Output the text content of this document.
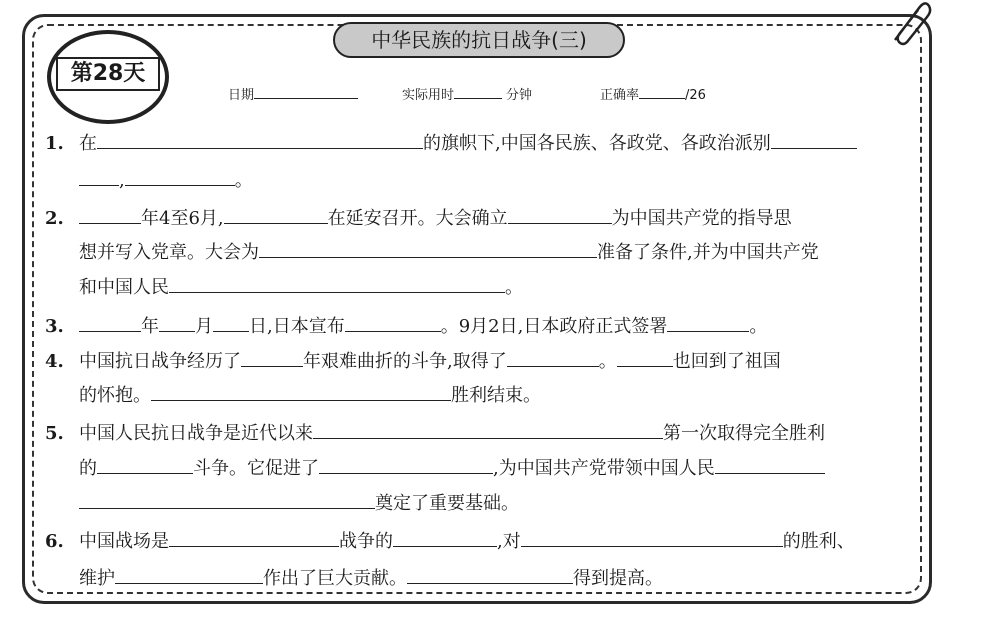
中华民族的抗日战争(三)
第28天
日期	实际用时	分钟	正确率	/26
1. 在	的旗帜下,中国各民族、各政党、各政治派别
,	。
2.	年4至6月,	在延安召开。大会确立	为中国共产党的指导思
想并写入党章。大会为	准备了条件,并为中国共产党
和中国人民	。
3.	年 月 日,日本宣布	。9月2日,日本政府正式签署	。
4. 中国抗日战争经历了	年艰难曲折的斗争,取得了	。	也回到了祖国
的怀抱。	胜利结束。
5. 中国人民抗日战争是近代以来	第一次取得完全胜利
的	斗争。它促进了	,为中国共产党带领中国人民
奠定了重要基础。
6. 中国战场是	战争的	,对	的胜利、
维护	作出了巨大贡献。	得到提高。
